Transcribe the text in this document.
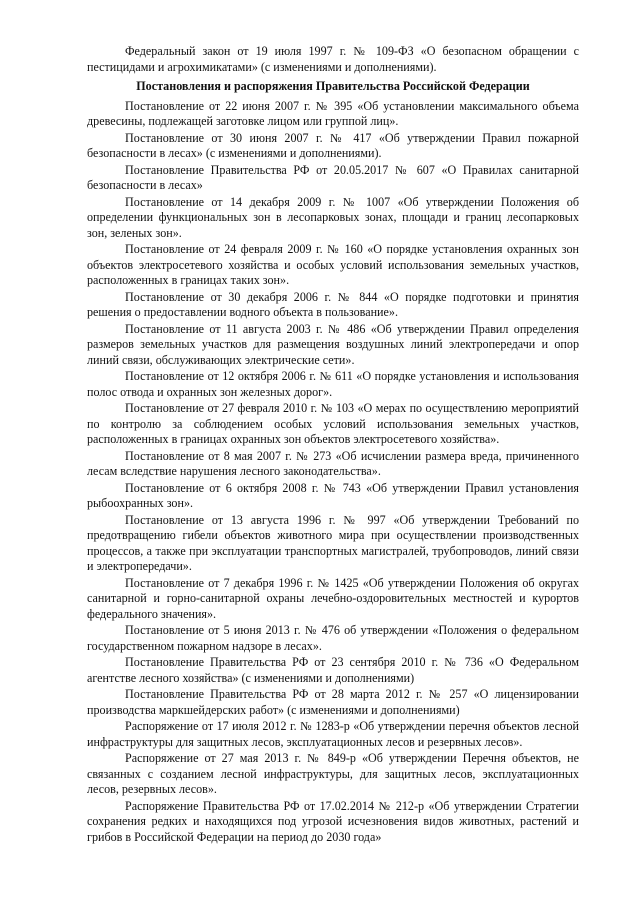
Федеральный закон от 19 июля 1997 г. № 109-ФЗ «О безопасном обращении с пестицидами и агрохимикатами» (с изменениями и дополнениями).

Постановления и распоряжения Правительства Российской Федерации

Постановление от 22 июня 2007 г. № 395 «Об установлении максимального объема древесины, подлежащей заготовке лицом или группой лиц».

Постановление от 30 июня 2007 г. № 417 «Об утверждении Правил пожарной безопасности в лесах» (с изменениями и дополнениями).

Постановление Правительства РФ от 20.05.2017 № 607 «О Правилах санитарной безопасности в лесах»

Постановление от 14 декабря 2009 г. № 1007 «Об утверждении Положения об определении функциональных зон в лесопарковых зонах, площади и границ лесопарковых зон, зеленых зон».

Постановление от 24 февраля 2009 г. № 160 «О порядке установления охранных зон объектов электросетевого хозяйства и особых условий использования земельных участков, расположенных в границах таких зон».

Постановление от 30 декабря 2006 г. № 844 «О порядке подготовки и принятия решения о предоставлении водного объекта в пользование».

Постановление от 11 августа 2003 г. № 486 «Об утверждении Правил определения размеров земельных участков для размещения воздушных линий электропередачи и опор линий связи, обслуживающих электрические сети».

Постановление от 12 октября 2006 г. № 611 «О порядке установления и использования полос отвода и охранных зон железных дорог».

Постановление от 27 февраля 2010 г. № 103 «О мерах по осуществлению мероприятий по контролю за соблюдением особых условий использования земельных участков, расположенных в границах охранных зон объектов электросетевого хозяйства».

Постановление от 8 мая 2007 г. № 273 «Об исчислении размера вреда, причиненного лесам вследствие нарушения лесного законодательства».

Постановление от 6 октября 2008 г. № 743 «Об утверждении Правил установления рыбоохранных зон».

Постановление от 13 августа 1996 г. № 997 «Об утверждении Требований по предотвращению гибели объектов животного мира при осуществлении производственных процессов, а также при эксплуатации транспортных магистралей, трубопроводов, линий связи и электропередачи».

Постановление от 7 декабря 1996 г. № 1425 «Об утверждении Положения об округах санитарной и горно-санитарной охраны лечебно-оздоровительных местностей и курортов федерального значения».

Постановление от 5 июня 2013 г. № 476 об утверждении «Положения о федеральном государственном пожарном надзоре в лесах».

Постановление Правительства РФ от 23 сентября 2010 г. № 736 «О Федеральном агентстве лесного хозяйства» (с изменениями и дополнениями)

Постановление Правительства РФ от 28 марта 2012 г. № 257 «О лицензировании производства маркшейдерских работ» (с изменениями и дополнениями)

Распоряжение от 17 июля 2012 г. № 1283-р «Об утверждении перечня объектов лесной инфраструктуры для защитных лесов, эксплуатационных лесов и резервных лесов».

Распоряжение от 27 мая 2013 г. № 849-р «Об утверждении Перечня объектов, не связанных с созданием лесной инфраструктуры, для защитных лесов, эксплуатационных лесов, резервных лесов».

Распоряжение Правительства РФ от 17.02.2014 № 212-р «Об утверждении Стратегии сохранения редких и находящихся под угрозой исчезновения видов животных, растений и грибов в Российской Федерации на период до 2030 года»
